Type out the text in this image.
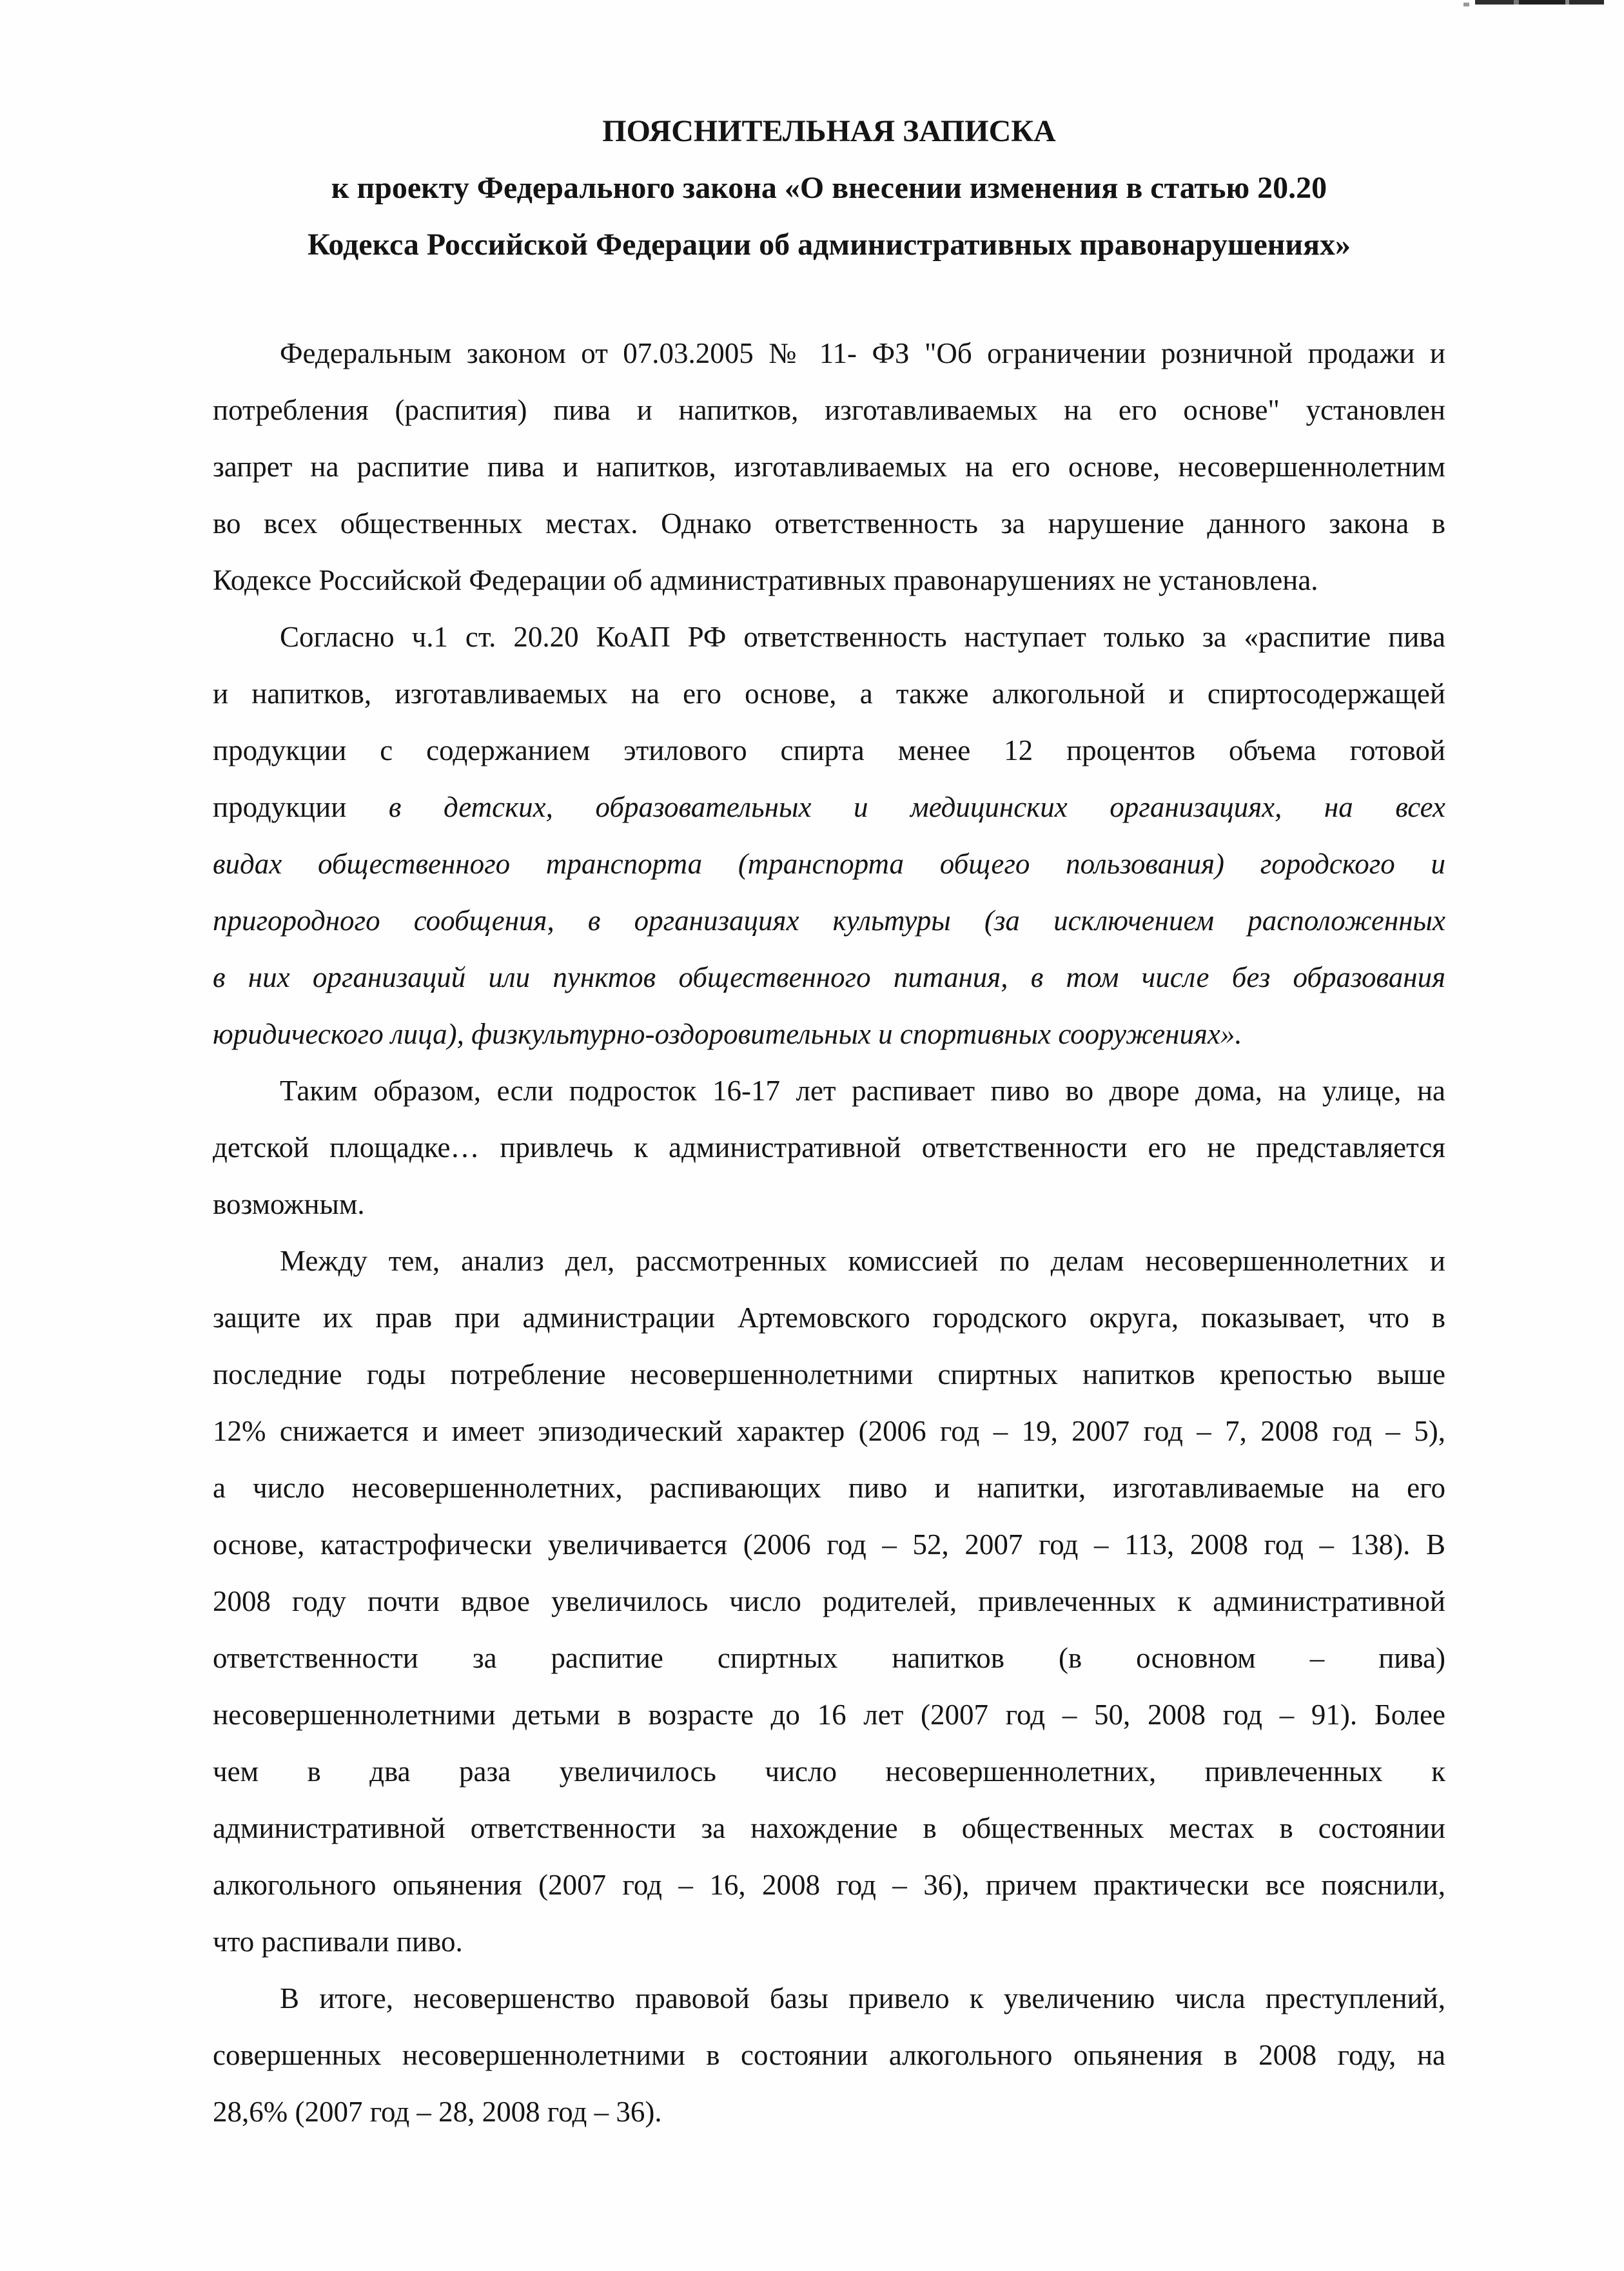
ПОЯСНИТЕЛЬНАЯ ЗАПИСКА
к проекту Федерального закона «О внесении изменения в статью 20.20
Кодекса Российской Федерации об административных правонарушениях»
Федеральным законом от 07.03.2005 № 11- ФЗ "Об ограничении розничной продажи и
потребления (распития) пива и напитков, изготавливаемых на его основе" установлен
запрет на распитие пива и напитков, изготавливаемых на его основе, несовершеннолетним
во всех общественных местах. Однако ответственность за нарушение данного закона в
Кодексе Российской Федерации об административных правонарушениях не установлена.
Согласно ч.1 ст. 20.20 КоАП РФ ответственность наступает только за «распитие пива
и напитков, изготавливаемых на его основе, а также алкогольной и спиртосодержащей
продукции с содержанием этилового спирта менее 12 процентов объема готовой
продукции в детских, образовательных и медицинских организациях, на всех
видах общественного транспорта (транспорта общего пользования) городского и
пригородного сообщения, в организациях культуры (за исключением расположенных
в них организаций или пунктов общественного питания, в том числе без образования
юридического лица), физкультурно-оздоровительных и спортивных сооружениях».
Таким образом, если подросток 16-17 лет распивает пиво во дворе дома, на улице, на
детской площадке… привлечь к административной ответственности его не представляется
возможным.
Между тем, анализ дел, рассмотренных комиссией по делам несовершеннолетних и
защите их прав при администрации Артемовского городского округа, показывает, что в
последние годы потребление несовершеннолетними спиртных напитков крепостью выше
12% снижается и имеет эпизодический характер (2006 год – 19, 2007 год – 7, 2008 год – 5),
а число несовершеннолетних, распивающих пиво и напитки, изготавливаемые на его
основе, катастрофически увеличивается (2006 год – 52, 2007 год – 113, 2008 год – 138). В
2008 году почти вдвое увеличилось число родителей, привлеченных к административной
ответственности за распитие спиртных напитков (в основном – пива)
несовершеннолетними детьми в возрасте до 16 лет (2007 год – 50, 2008 год – 91). Более
чем в два раза увеличилось число несовершеннолетних, привлеченных к
административной ответственности за нахождение в общественных местах в состоянии
алкогольного опьянения (2007 год – 16, 2008 год – 36), причем практически все пояснили,
что распивали пиво.
В итоге, несовершенство правовой базы привело к увеличению числа преступлений,
совершенных несовершеннолетними в состоянии алкогольного опьянения в 2008 году, на
28,6% (2007 год – 28, 2008 год – 36).
